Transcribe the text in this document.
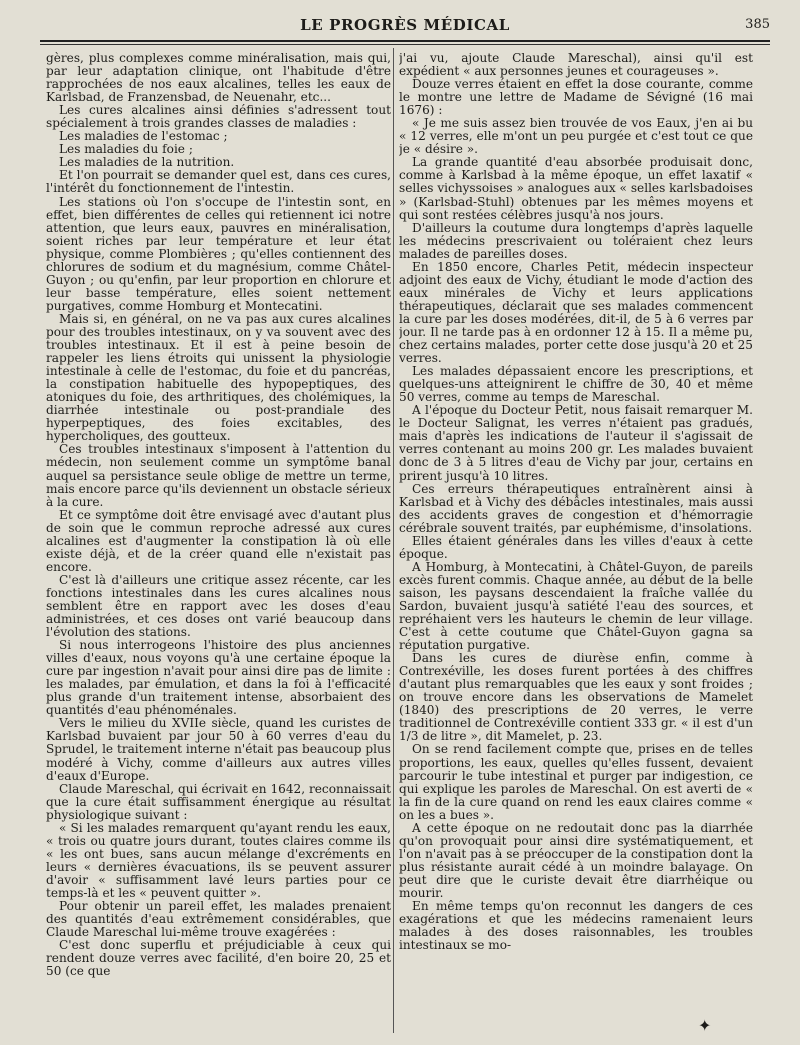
LE PROGRÈS MÉDICAL	385

gères, plus complexes comme minéralisation, mais qui, par leur adaptation clinique, ont l'habitude d'être rapprochées de nos eaux alcalines, telles les eaux de Karlsbad, de Franzensbad, de Neuenahr, etc...

Les cures alcalines ainsi définies s'adressent tout spécialement à trois grandes classes de maladies :

Les maladies de l'estomac ;

Les maladies du foie ;

Les maladies de la nutrition.

Et l'on pourrait se demander quel est, dans ces cures, l'intérêt du fonctionnement de l'intestin.

Les stations où l'on s'occupe de l'intestin sont, en effet, bien différentes de celles qui retiennent ici notre attention, que leurs eaux, pauvres en minéralisation, soient riches par leur température et leur état physique, comme Plombières ; qu'elles contiennent des chlorures de sodium et du magnésium, comme Châtel-Guyon ; ou qu'enfin, par leur proportion en chlorure et leur basse température, elles soient nettement purgatives, comme Homburg et Montecatini.

Mais si, en général, on ne va pas aux cures alcalines pour des troubles intestinaux, on y va souvent avec des troubles intestinaux. Et il est à peine besoin de rappeler les liens étroits qui unissent la physiologie intestinale à celle de l'estomac, du foie et du pancréas, la constipation habituelle des hypopeptiques, des atoniques du foie, des arthritiques, des cholémiques, la diarrhée intestinale ou post-prandiale des hyperpeptiques, des foies excitables, des hypercholiques, des goutteux.

Ces troubles intestinaux s'imposent à l'attention du médecin, non seulement comme un symptôme banal auquel sa persistance seule oblige de mettre un terme, mais encore parce qu'ils deviennent un obstacle sérieux à la cure.

Et ce symptôme doit être envisagé avec d'autant plus de soin que le commun reproche adressé aux cures alcalines est d'augmenter la constipation là où elle existe déjà, et de la créer quand elle n'existait pas encore.

C'est là d'ailleurs une critique assez récente, car les fonctions intestinales dans les cures alcalines nous semblent être en rapport avec les doses d'eau administrées, et ces doses ont varié beaucoup dans l'évolution des stations.

Si nous interrogeons l'histoire des plus anciennes villes d'eaux, nous voyons qu'à une certaine époque la cure par ingestion n'avait pour ainsi dire pas de limite : les malades, par émulation, et dans la foi à l'efficacité plus grande d'un traitement intense, absorbaient des quantités d'eau phénoménales.

Vers le milieu du XVIIe siècle, quand les curistes de Karlsbad buvaient par jour 50 à 60 verres d'eau du Sprudel, le traitement interne n'était pas beaucoup plus modéré à Vichy, comme d'ailleurs aux autres villes d'eaux d'Europe.

Claude Mareschal, qui écrivait en 1642, reconnaissait que la cure était suffisamment énergique au résultat physiologique suivant :

« Si les malades remarquent qu'ayant rendu les eaux, « trois ou quatre jours durant, toutes claires comme ils « les ont bues, sans aucun mélange d'excréments en leurs « dernières évacuations, ils se peuvent assurer d'avoir « suffisamment lavé leurs parties pour ce temps-là et les « peuvent quitter ».

Pour obtenir un pareil effet, les malades prenaient des quantités d'eau extrêmement considérables, que Claude Mareschal lui-même trouve exagérées :

C'est donc superflu et préjudiciable à ceux qui rendent douze verres avec facilité, d'en boire 20, 25 et 50 (ce que

j'ai vu, ajoute Claude Mareschal), ainsi qu'il est expédient « aux personnes jeunes et courageuses ».

Douze verres étaient en effet la dose courante, comme le montre une lettre de Madame de Sévigné (16 mai 1676) :

« Je me suis assez bien trouvée de vos Eaux, j'en ai bu « 12 verres, elle m'ont un peu purgée et c'est tout ce que je « désire ».

La grande quantité d'eau absorbée produisait donc, comme à Karlsbad à la même époque, un effet laxatif « selles vichyssoises » analogues aux « selles karlsbadoises » (Karlsbad-Stuhl) obtenues par les mêmes moyens et qui sont restées célèbres jusqu'à nos jours.

D'ailleurs la coutume dura longtemps d'après laquelle les médecins prescrivaient ou toléraient chez leurs malades de pareilles doses.

En 1850 encore, Charles Petit, médecin inspecteur adjoint des eaux de Vichy, étudiant le mode d'action des eaux minérales de Vichy et leurs applications thérapeutiques, déclarait que ses malades commencent la cure par les doses modérées, dit-il, de 5 à 6 verres par jour. Il ne tarde pas à en ordonner 12 à 15. Il a même pu, chez certains malades, porter cette dose jusqu'à 20 et 25 verres.

Les malades dépassaient encore les prescriptions, et quelques-uns atteignirent le chiffre de 30, 40 et même 50 verres, comme au temps de Mareschal.

A l'époque du Docteur Petit, nous faisait remarquer M. le Docteur Salignat, les verres n'étaient pas gradués, mais d'après les indications de l'auteur il s'agissait de verres contenant au moins 200 gr. Les malades buvaient donc de 3 à 5 litres d'eau de Vichy par jour, certains en prirent jusqu'à 10 litres.

Ces erreurs thérapeutiques entraînèrent ainsi à Karlsbad et à Vichy des débâcles intestinales, mais aussi des accidents graves de congestion et d'hémorragie cérébrale souvent traités, par euphémisme, d'insolations.

Elles étaient générales dans les villes d'eaux à cette époque.

A Homburg, à Montecatini, à Châtel-Guyon, de pareils excès furent commis. Chaque année, au début de la belle saison, les paysans descendaient la fraîche vallée du Sardon, buvaient jusqu'à satiété l'eau des sources, et repréhaient vers les hauteurs le chemin de leur village. C'est à cette coutume que Châtel-Guyon gagna sa réputation purgative.

Dans les cures de diurèse enfin, comme à Contrexéville, les doses furent portées à des chiffres d'autant plus remarquables que les eaux y sont froides ; on trouve encore dans les observations de Mamelet (1840) des prescriptions de 20 verres, le verre traditionnel de Contrexéville contient 333 gr. « il est d'un 1/3 de litre », dit Mamelet, p. 23.

On se rend facilement compte que, prises en de telles proportions, les eaux, quelles qu'elles fussent, devaient parcourir le tube intestinal et purger par indigestion, ce qui explique les paroles de Mareschal. On est averti de « la fin de la cure quand on rend les eaux claires comme « on les a bues ».

A cette époque on ne redoutait donc pas la diarrhée qu'on provoquait pour ainsi dire systématiquement, et l'on n'avait pas à se préoccuper de la constipation dont la plus résistante aurait cédé à un moindre balayage. On peut dire que le curiste devait être diarrhéique ou mourir.

En même temps qu'on reconnut les dangers de ces exagérations et que les médecins ramenaient leurs malades à des doses raisonnables, les troubles intestinaux se mo-

✦
